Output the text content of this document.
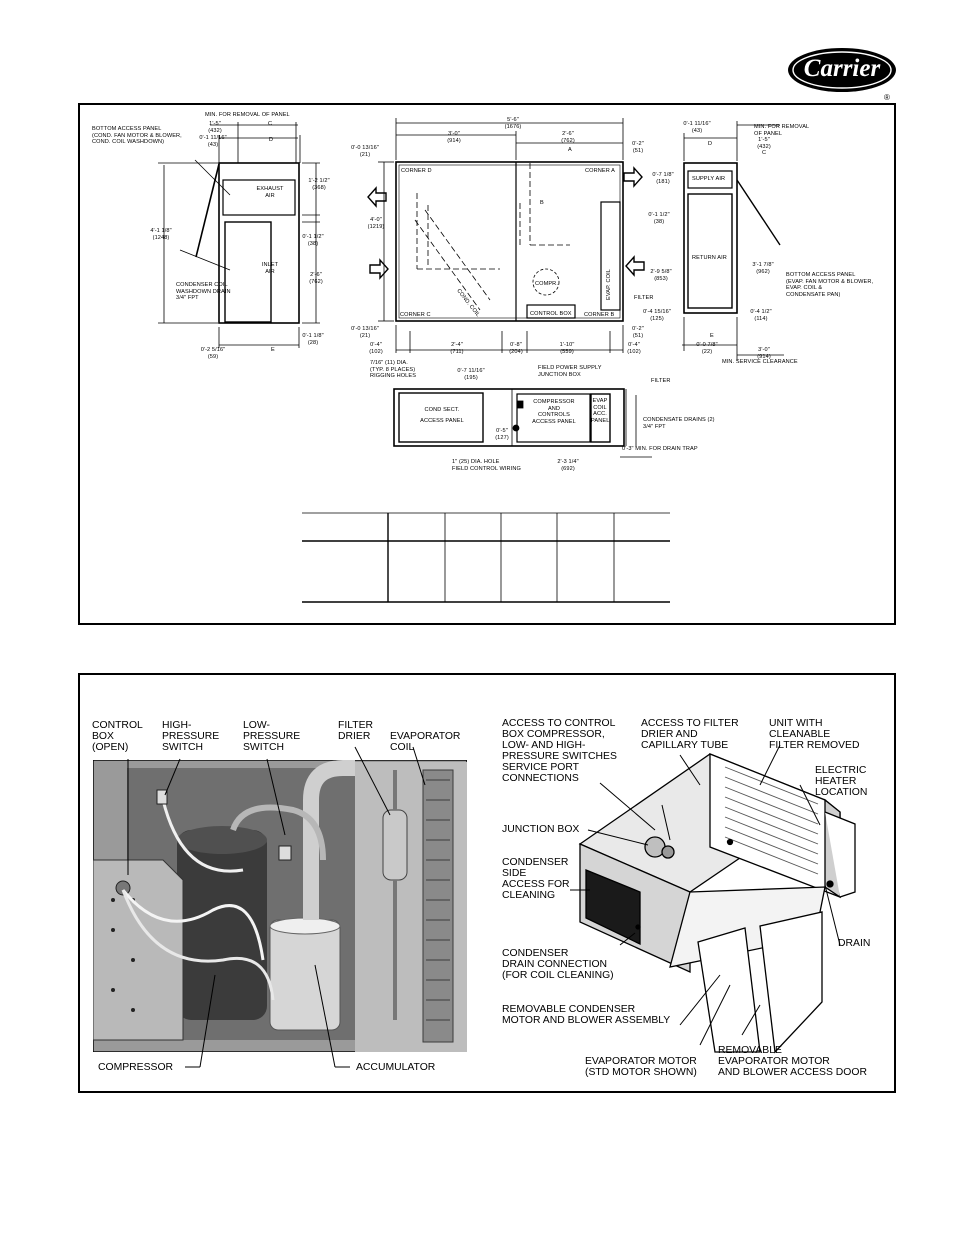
Carrier
®
MIN. FOR REMOVAL OF PANEL
BOTTOM ACCESS PANEL
(COND. FAN MOTOR & BLOWER,
COND. COIL WASHDOWN)
1'-5"
(432)
C
0'-1 11/16"
(43)
D
4'-1 1/8"
(1248)
EXHAUST
AIR
INLET
AIR
1'-2 1/2"
(368)
0'-1 1/2"
(38)
2'-6"
(762)
CONDENSER COIL
WASHDOWN DRAIN
3/4" FPT
0'-1 1/8"
(28)
0'-2 5/16"
(59)
E
5'-6"
(1676)
3'-0"
(914)
2'-6"
(762)
0'-2"
(51)
A
B
0'-0 13/16"
(21)
4'-0"
(1219)
0'-0 13/16"
(21)
CORNER D	CORNER A
CORNER C	CORNER B
COND. COIL
COMPR.	EVAP. COIL	FILTER
CONTROL BOX
0'-2"
(51)
0'-4"
(102)
2'-4"
(711)
0'-8"
(204)
1'-10"
(559)
0'-4"
(102)
7/16" (11) DIA.
(TYP. 8 PLACES)
RIGGING HOLES
0'-7 11/16"
(195)
FIELD POWER SUPPLY
JUNCTION BOX
FILTER
COND SECT.
ACCESS PANEL
COMPRESSOR
AND
CONTROLS
ACCESS PANEL
EVAP
COIL
ACC.
PANEL	CONDENSATE DRAINS (2)
3/4" FPT
0'-5"
(127)
0'-3" MIN. FOR DRAIN TRAP
1" (25) DIA. HOLE
FIELD CONTROL WIRING
2'-3 1/4"
(692)
0'-1 11/16"
(43)
D
MIN. FOR REMOVAL
OF PANEL
1'-5"
(432)
C
SUPPLY AIR
RETURN AIR
0'-7 1/8"
(181)
0'-1 1/2"
(38)
2'-9 5/8"
(853)
3'-1 7/8"
(962)
BOTTOM ACCESS PANEL
(EVAP. FAN MOTOR & BLOWER,
EVAP. COIL &
CONDENSATE PAN)
0'-4 15/16"
(125)
0'-4 1/2"
(114)
E
0'-0 7/8"
(22)	3'-0"
(914)
MIN. SERVICE CLEARANCE
CONTROL
BOX
(OPEN)
HIGH-
PRESSURE
SWITCH
LOW-
PRESSURE
SWITCH
FILTER
DRIER EVAPORATOR
COIL
COMPRESSOR	ACCUMULATOR
ACCESS TO CONTROL
BOX COMPRESSOR,
LOW- AND HIGH-
PRESSURE SWITCHES
SERVICE PORT
CONNECTIONS
ACCESS TO FILTER
DRIER AND
CAPILLARY TUBE
UNIT WITH
CLEANABLE
FILTER REMOVED
ELECTRIC
HEATER
LOCATION
JUNCTION BOX
CONDENSER
SIDE
ACCESS FOR
CLEANING
CONDENSER
DRAIN CONNECTION
(FOR COIL CLEANING)
DRAIN
REMOVABLE CONDENSER
MOTOR AND BLOWER ASSEMBLY
EVAPORATOR MOTOR
(STD MOTOR SHOWN)
REMOVABLE
EVAPORATOR MOTOR
AND BLOWER ACCESS DOOR
